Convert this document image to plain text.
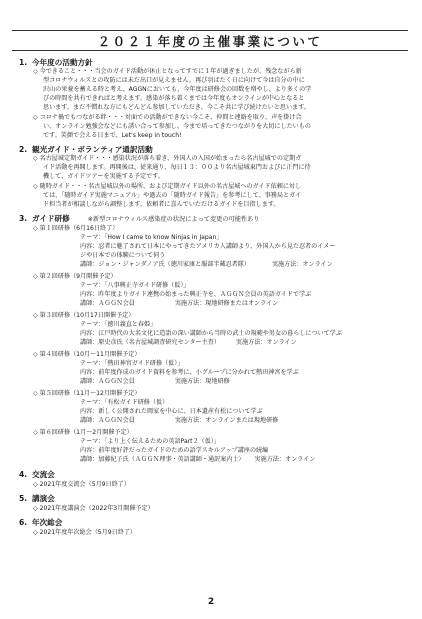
２０２１年度の主催事業について
1. 今年度の活動方針
◇ 今できること・・・当会のガイド活動が休止となってすでに１年が過ぎましたが、残念ながら新
型コロナウィルスとの攻防には未だ出口が見えません。再び羽ばたく日に向けて今は自分の中に
沢山の栄養を蓄える時と考え、AGGNにおいても、今年度は研修会の回数を増やし、より多くの学
びの時間を共有できればと考えます。感染が落ち着くまでは今年度もオンラインが中心となると
思います。まだ不慣れな方にもどんどん参加していただき、今こそ共に学び続けたいと思います。
◇ コロナ禍でもつながる絆・・・対面での活動ができない今こそ、仲間と連絡を取り、声を掛け合
い、オンライン勉強会などにも誘い合って参加し、今まで培ってきたつながりを大切にしたいもの
です。笑顔で会える日まで、Let's keep in touch!
2. 観光ガイド・ボランティア通訳活動
◇ 名古屋城定期ガイド・・・感染状況が落ち着き、外国人の入国が始まったら名古屋城での定期ガ
イド活動を再開します。再開後は、従来通り、毎日１３：００より名古屋城東門およびに正門に待
機して、ガイドツアーを実施する予定です。
◇ 随時ガイド・・・名古屋城以外の場所、および定期ガイド以外の名古屋城へのガイド依頼に対し
ては、「随時ガイド実施マニュアル」や過去の「随時ガイド報告」を参考にして、事務局とガイ
ド担当者が相談しながら調整します。依頼者に喜んでいただけるガイドを目指します。
3. ガイド研修	※新型コロナウィルス感染症の状況によって変更の可能性あり
◇ 第１回研修（6月16日終了）
テーマ：「How I came to know Ninjas in Japan」
内容：忍者に魅了されて日本にやってきたアメリカ人講師より、外国人から見た忍者のイメー
ジや日本での体験について伺う
講師：ジョン・ジャンダノア氏（徳川家康と服部半蔵忍者隊）	実施方法：オンライン
◇ 第２回研修（9月開催予定）
テーマ：「八事興正寺ガイド研修（仮）」
内容：昨年度よりガイド連携の始まった興正寺を、ＡＧＧＮ会員の英語ガイドで学ぶ
講師：ＡＧＧＮ会員	実施方法：現地研修またはオンライン
◇ 第３回研修（10月17日開催予定）
テーマ：「徳川義直と春姫」
内容：江戸時代の大名文化に造詣の深い講師から当時の武士の規範や男女の暮らしについて学ぶ
講師：原史彦氏（名古屋城調査研究センター主査）	実施方法：オンライン
◇ 第４回研修（10月～11月開催予定）
テーマ：「熱田神宮ガイド研修（仮）」
内容：前年度作成のガイド資料を参考に、小グループに分かれて熱田神宮を学ぶ
講師：ＡＧＧＮ会員	実施方法：現地研修
◇ 第５回研修（11月～12月開催予定）
テーマ：「有松ガイド研修（仮）
内容：新しく公開された岡家を中心に、日本遺産有松について学ぶ
講師：ＡＧＧＮ会員	実施方法：オンラインまたは現地研修
◇ 第６回研修（1月～2月開催予定）
テーマ：「より上く伝えるための英語Part２（仮）」
内容：前年度好評だったガイドのための語学スキルアップ講座の続編
講師：加藤紀子氏（ＡＧＧＮ理事・英語講師・通訳案内士） 実施方法：オンライン
4. 交流会
◇ 2021年度交流会（5月9日終了）
5. 講演会
◇ 2021年度講演会（2022年3月開催予定）
6. 年次総会
◇ 2021年度年次総会（5月9日終了）
2
